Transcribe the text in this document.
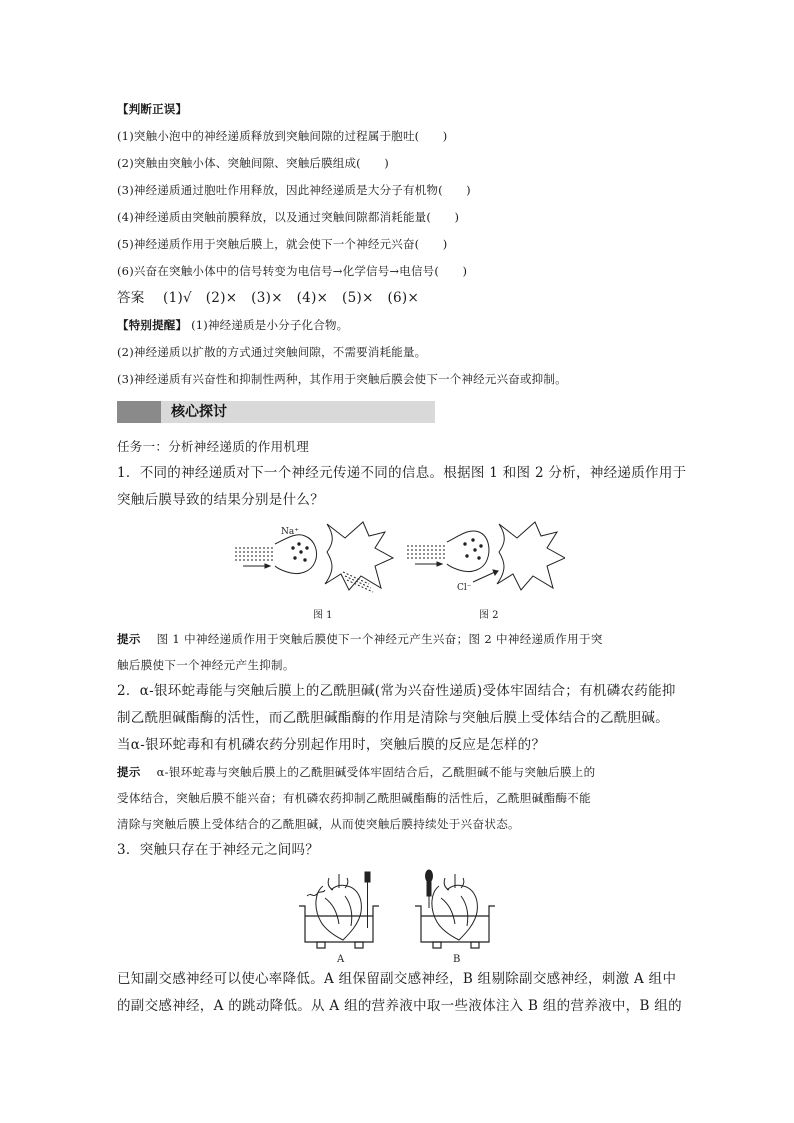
【判断正误】
(1)突触小泡中的神经递质释放到突触间隙的过程属于胞吐(　　)
(2)突触由突触小体、突触间隙、突触后膜组成(　　)
(3)神经递质通过胞吐作用释放，因此神经递质是大分子有机物(　　)
(4)神经递质由突触前膜释放，以及通过突触间隙都消耗能量(　　)
(5)神经递质作用于突触后膜上，就会使下一个神经元兴奋(　　)
(6)兴奋在突触小体中的信号转变为电信号→化学信号→电信号(　　)
答案　 (1)√　(2)×　(3)×　(4)×　(5)×　(6)×
【特别提醒】 (1)神经递质是小分子化合物。
(2)神经递质以扩散的方式通过突触间隙，不需要消耗能量。
(3)神经递质有兴奋性和抑制性两种，其作用于突触后膜会使下一个神经元兴奋或抑制。
核心探讨
任务一：分析神经递质的作用机理
1．不同的神经递质对下一个神经元传递不同的信息。根据图 1 和图 2 分析，神经递质作用于
突触后膜导致的结果分别是什么？
Na⁺
Cl⁻
图 1	图 2
提示　 图 1 中神经递质作用于突触后膜使下一个神经元产生兴奋；图 2 中神经递质作用于突
触后膜使下一个神经元产生抑制。
2．α-银环蛇毒能与突触后膜上的乙酰胆碱(常为兴奋性递质)受体牢固结合；有机磷农药能抑
制乙酰胆碱酯酶的活性，而乙酰胆碱酯酶的作用是清除与突触后膜上受体结合的乙酰胆碱。
当α-银环蛇毒和有机磷农药分别起作用时，突触后膜的反应是怎样的？
提示　 α-银环蛇毒与突触后膜上的乙酰胆碱受体牢固结合后，乙酰胆碱不能与突触后膜上的
受体结合，突触后膜不能兴奋；有机磷农药抑制乙酰胆碱酯酶的活性后，乙酰胆碱酯酶不能
清除与突触后膜上受体结合的乙酰胆碱，从而使突触后膜持续处于兴奋状态。
3．突触只存在于神经元之间吗？
A	B
已知副交感神经可以使心率降低。A 组保留副交感神经，B 组剔除副交感神经，刺激 A 组中
的副交感神经，A 的跳动降低。从 A 组的营养液中取一些液体注入 B 组的营养液中，B 组的
